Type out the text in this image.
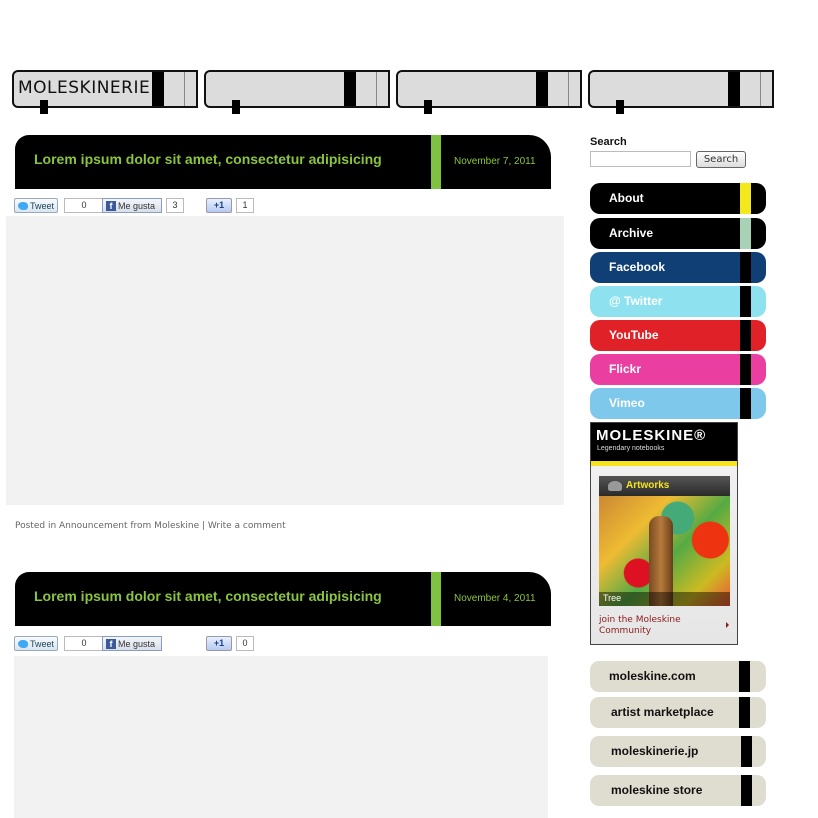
MOLESKINERIE
Lorem ipsum dolor sit amet, consectetur adipisicing	November 7, 2011
Tweet	0	f Me gusta	3	+1	1
Posted in Announcement from Moleskine | Write a comment
Lorem ipsum dolor sit amet, consectetur adipisicing	November 4, 2011
Tweet	0	f Me gusta	+1	0
Search
Search
About
Archive
Facebook
@ Twitter
YouTube
Flickr
Vimeo
MOLESKINE®
Legendary notebooks
Artworks
Tree
join the Moleskine Community
moleskine.com
artist marketplace
moleskinerie.jp
moleskine store
